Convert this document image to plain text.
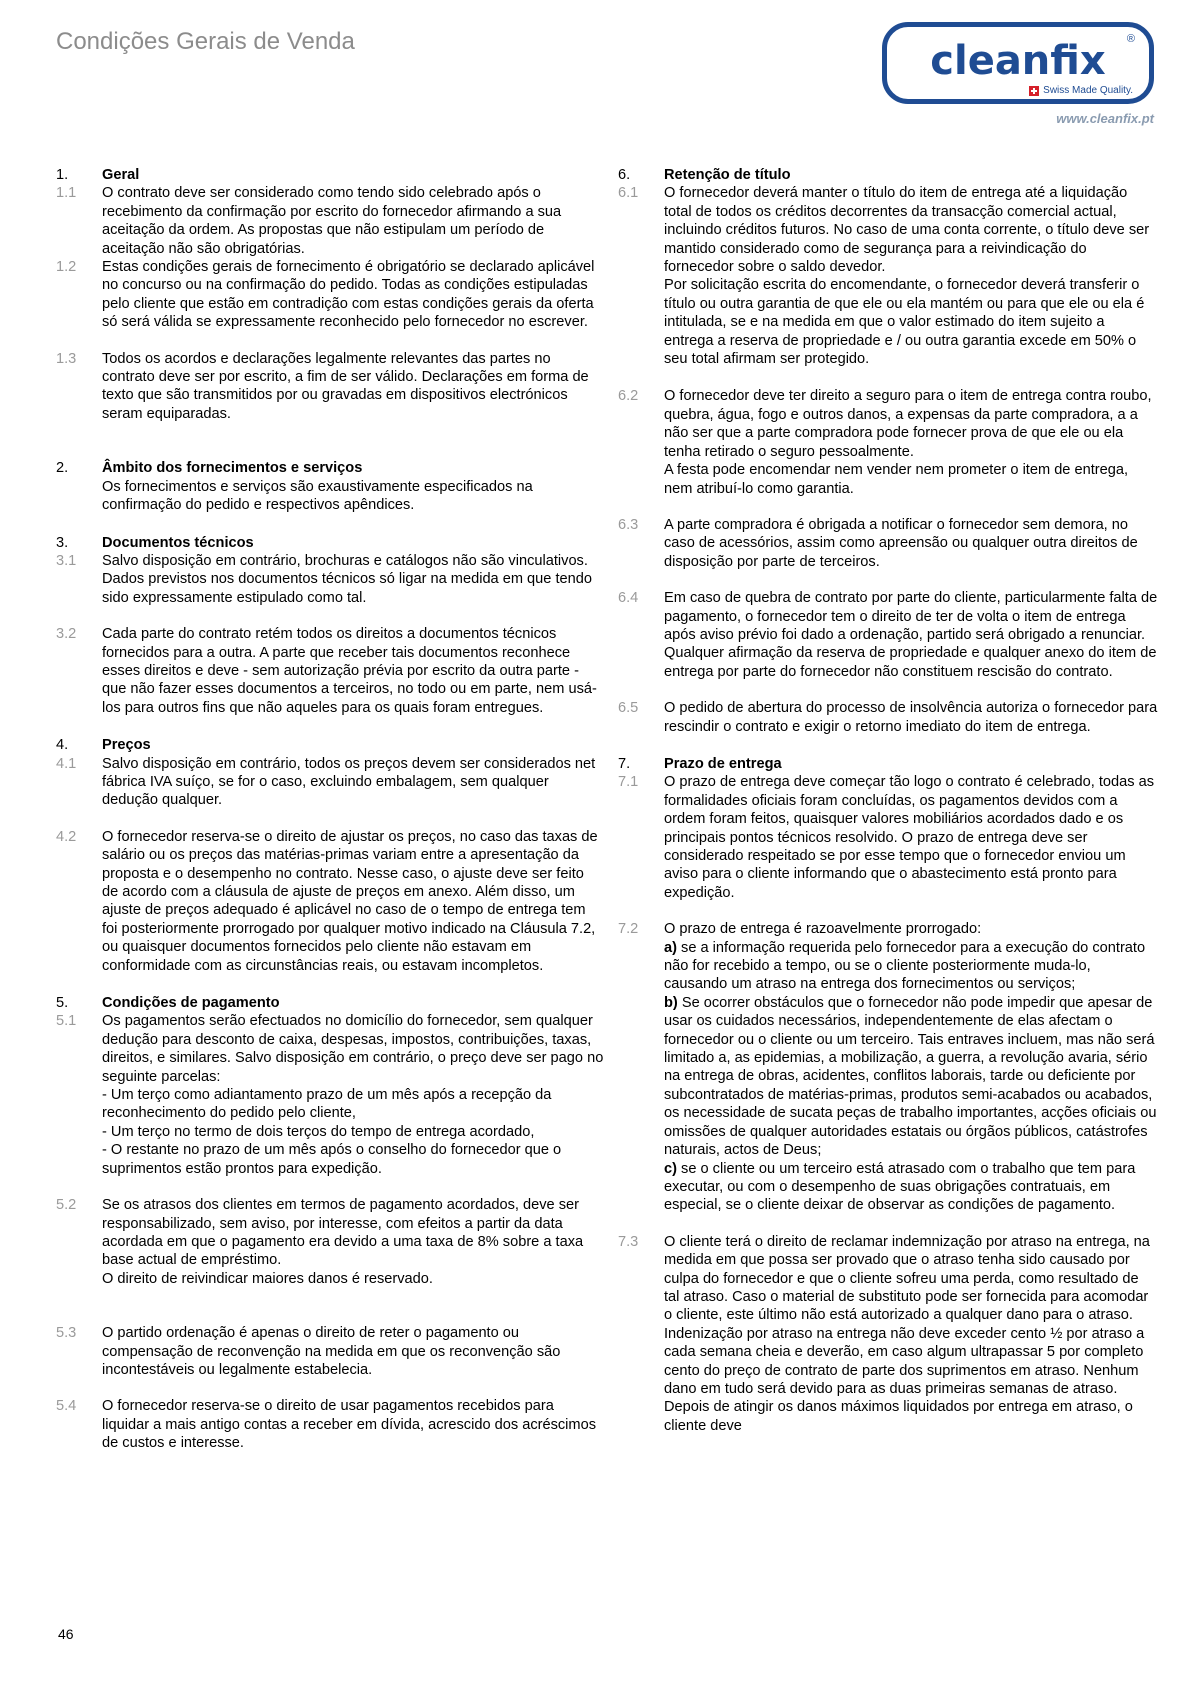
Condições Gerais de Venda	cleanfix	®
Swiss Made Quality.
www.cleanfix.pt
1.	Geral
1.1	O contrato deve ser considerado como tendo sido celebrado após o recebimento da confirmação por escrito do fornecedor afirmando a sua aceitação da ordem. As propostas que não estipulam um período de aceitação não são obrigatórias.
1.2	Estas condições gerais de fornecimento é obrigatório se declarado aplicável no concurso ou na confirmação do pedido. Todas as condições estipuladas pelo cliente que estão em contradição com estas condições gerais da oferta só será válida se expressamente reconhecido pelo fornecedor no escrever.
1.3	Todos os acordos e declarações legalmente relevantes das partes no contrato deve ser por escrito, a fim de ser válido. Declarações em forma de texto que são transmitidos por ou gravadas em dispositivos electrónicos seram equiparadas.
2.	Âmbito dos fornecimentos e serviços
Os fornecimentos e serviços são exaustivamente especificados na confirmação do pedido e respectivos apêndices.
3.	Documentos técnicos
3.1	Salvo disposição em contrário, brochuras e catálogos não são vinculativos. Dados previstos nos documentos técnicos só ligar na medida em que tendo sido expressamente estipulado como tal.
3.2	Cada parte do contrato retém todos os direitos a documentos técnicos fornecidos para a outra. A parte que receber tais documentos reconhece esses direitos e deve - sem autorização prévia por escrito da outra parte - que não fazer esses documentos a terceiros, no todo ou em parte, nem usá-los para outros fins que não aqueles para os quais foram entregues.
4.	Preços
4.1	Salvo disposição em contrário, todos os preços devem ser considerados net fábrica IVA suíço, se for o caso, excluindo embalagem, sem qualquer dedução qualquer.
4.2	O fornecedor reserva-se o direito de ajustar os preços, no caso das taxas de salário ou os preços das matérias-primas variam entre a apresentação da proposta e o desempenho no contrato. Nesse caso, o ajuste deve ser feito de acordo com a cláusula de ajuste de preços em anexo. Além disso, um ajuste de preços adequado é aplicável no caso de o tempo de entrega tem foi posteriormente prorrogado por qualquer motivo indicado na Cláusula 7.2, ou quaisquer documentos fornecidos pelo cliente não estavam em conformidade com as circunstâncias reais, ou estavam incompletos.
5.	Condições de pagamento
5.1	Os pagamentos serão efectuados no domicílio do fornecedor, sem qualquer dedução para desconto de caixa, despesas, impostos, contribuições, taxas, direitos, e similares. Salvo disposição em contrário, o preço deve ser pago no seguinte parcelas:
- Um terço como adiantamento prazo de um mês após a recepção da reconhecimento do pedido pelo cliente,
- Um terço no termo de dois terços do tempo de entrega acordado,
- O restante no prazo de um mês após o conselho do fornecedor que o suprimentos estão prontos para expedição.
5.2	Se os atrasos dos clientes em termos de pagamento acordados, deve ser responsabilizado, sem aviso, por interesse, com efeitos a partir da data acordada em que o pagamento era devido a uma taxa de 8% sobre a taxa base actual de empréstimo.
O direito de reivindicar maiores danos é reservado.
5.3	O partido ordenação é apenas o direito de reter o pagamento ou compensação de reconvenção na medida em que os reconvenção são incontestáveis ou legalmente estabelecia.
5.4	O fornecedor reserva-se o direito de usar pagamentos recebidos para liquidar a mais antigo contas a receber em dívida, acrescido dos acréscimos de custos e interesse.
6.	Retenção de título
6.1	O fornecedor deverá manter o título do item de entrega até a liquidação total de todos os créditos decorrentes da transacção comercial actual, incluindo créditos futuros. No caso de uma conta corrente, o título deve ser mantido considerado como de segurança para a reivindicação do fornecedor sobre o saldo devedor.
Por solicitação escrita do encomendante, o fornecedor deverá transferir o título ou outra garantia de que ele ou ela mantém ou para que ele ou ela é intitulada, se e na medida em que o valor estimado do item sujeito a entrega a reserva de propriedade e / ou outra garantia excede em 50% o seu total afirmam ser protegido.
6.2	O fornecedor deve ter direito a seguro para o item de entrega contra roubo, quebra, água, fogo e outros danos, a expensas da parte compradora, a a não ser que a parte compradora pode fornecer prova de que ele ou ela tenha retirado o seguro pessoalmente.
A festa pode encomendar nem vender nem prometer o item de entrega, nem atribuí-lo como garantia.
6.3	A parte compradora é obrigada a notificar o fornecedor sem demora, no caso de acessórios, assim como apreensão ou qualquer outra direitos de disposição por parte de terceiros.
6.4	Em caso de quebra de contrato por parte do cliente, particularmente falta de pagamento, o fornecedor tem o direito de ter de volta o item de entrega após aviso prévio foi dado a ordenação, partido será obrigado a renunciar. Qualquer afirmação da reserva de propriedade e qualquer anexo do item de entrega por parte do fornecedor não constituem rescisão do contrato.
6.5	O pedido de abertura do processo de insolvência autoriza o fornecedor para rescindir o contrato e exigir o retorno imediato do item de entrega.
7.	Prazo de entrega
7.1	O prazo de entrega deve começar tão logo o contrato é celebrado, todas as formalidades oficiais foram concluídas, os pagamentos devidos com a ordem foram feitos, quaisquer valores mobiliários acordados dado e os principais pontos técnicos resolvido. O prazo de entrega deve ser considerado respeitado se por esse tempo que o fornecedor enviou um aviso para o cliente informando que o abastecimento está pronto para expedição.
7.2	O prazo de entrega é razoavelmente prorrogado:
a) se a informação requerida pelo fornecedor para a execução do contrato não for recebido a tempo, ou se o cliente posteriormente muda-lo, causando um atraso na entrega dos fornecimentos ou serviços;
b) Se ocorrer obstáculos que o fornecedor não pode impedir que apesar de usar os cuidados necessários, independentemente de elas afectam o fornecedor ou o cliente ou um terceiro. Tais entraves incluem, mas não será limitado a, as epidemias, a mobilização, a guerra, a revolução avaria, sério na entrega de obras, acidentes, conflitos laborais, tarde ou deficiente por subcontratados de matérias-primas, produtos semi-acabados ou acabados, os necessidade de sucata peças de trabalho importantes, acções oficiais ou omissões de qualquer autoridades estatais ou órgãos públicos, catástrofes naturais, actos de Deus;
c) se o cliente ou um terceiro está atrasado com o trabalho que tem para executar, ou com o desempenho de suas obrigações contratuais, em especial, se o cliente deixar de observar as condições de pagamento.
7.3	O cliente terá o direito de reclamar indemnização por atraso na entrega, na medida em que possa ser provado que o atraso tenha sido causado por culpa do fornecedor e que o cliente sofreu uma perda, como resultado de tal atraso. Caso o material de substituto pode ser fornecida para acomodar o cliente, este último não está autorizado a qualquer dano para o atraso. Indenização por atraso na entrega não deve exceder cento ½ por atraso a cada semana cheia e deverão, em caso algum ultrapassar 5 por completo cento do preço de contrato de parte dos suprimentos em atraso. Nenhum dano em tudo será devido para as duas primeiras semanas de atraso. Depois de atingir os danos máximos liquidados por entrega em atraso, o cliente deve
46
